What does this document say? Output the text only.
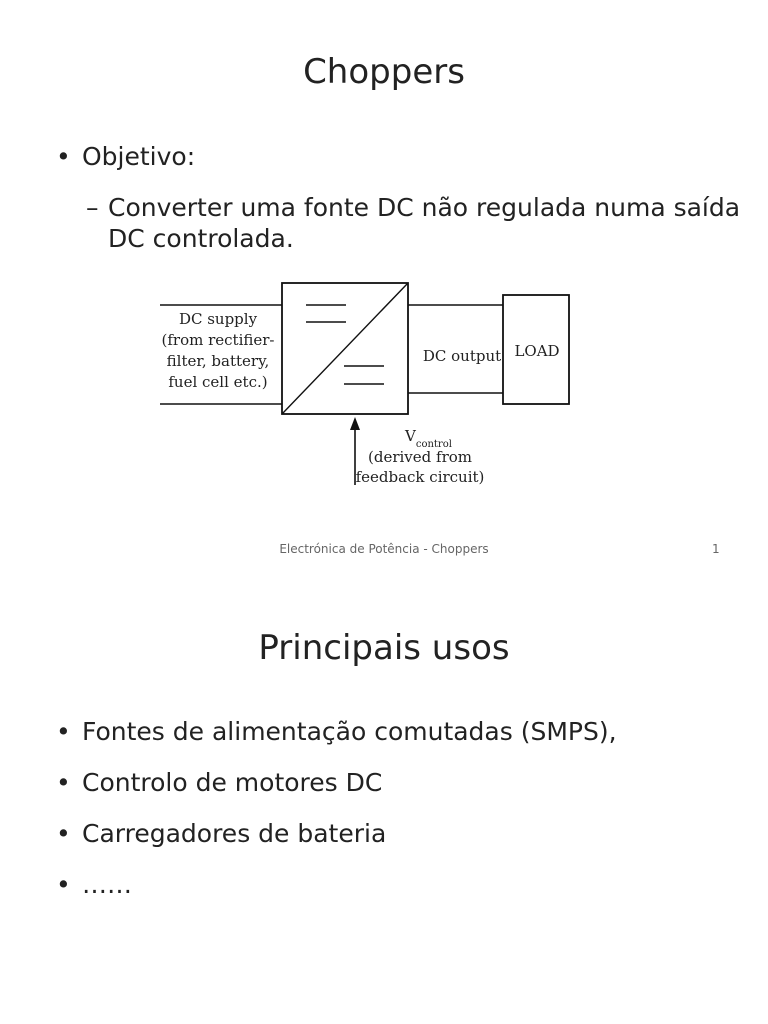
Choppers
• Objetivo:
– Converter uma fonte DC não regulada numa saída
DC controlada.
DC supply
(from rectifier-
filter, battery,
fuel cell etc.)
DC output LOAD
$V_{control}$
(derived from
feedback circuit)
Electrónica de Potência - Choppers	1
Principais usos
• Fontes de alimentação comutadas (SMPS),
• Controlo de motores DC
• Carregadores de bateria
• ……
